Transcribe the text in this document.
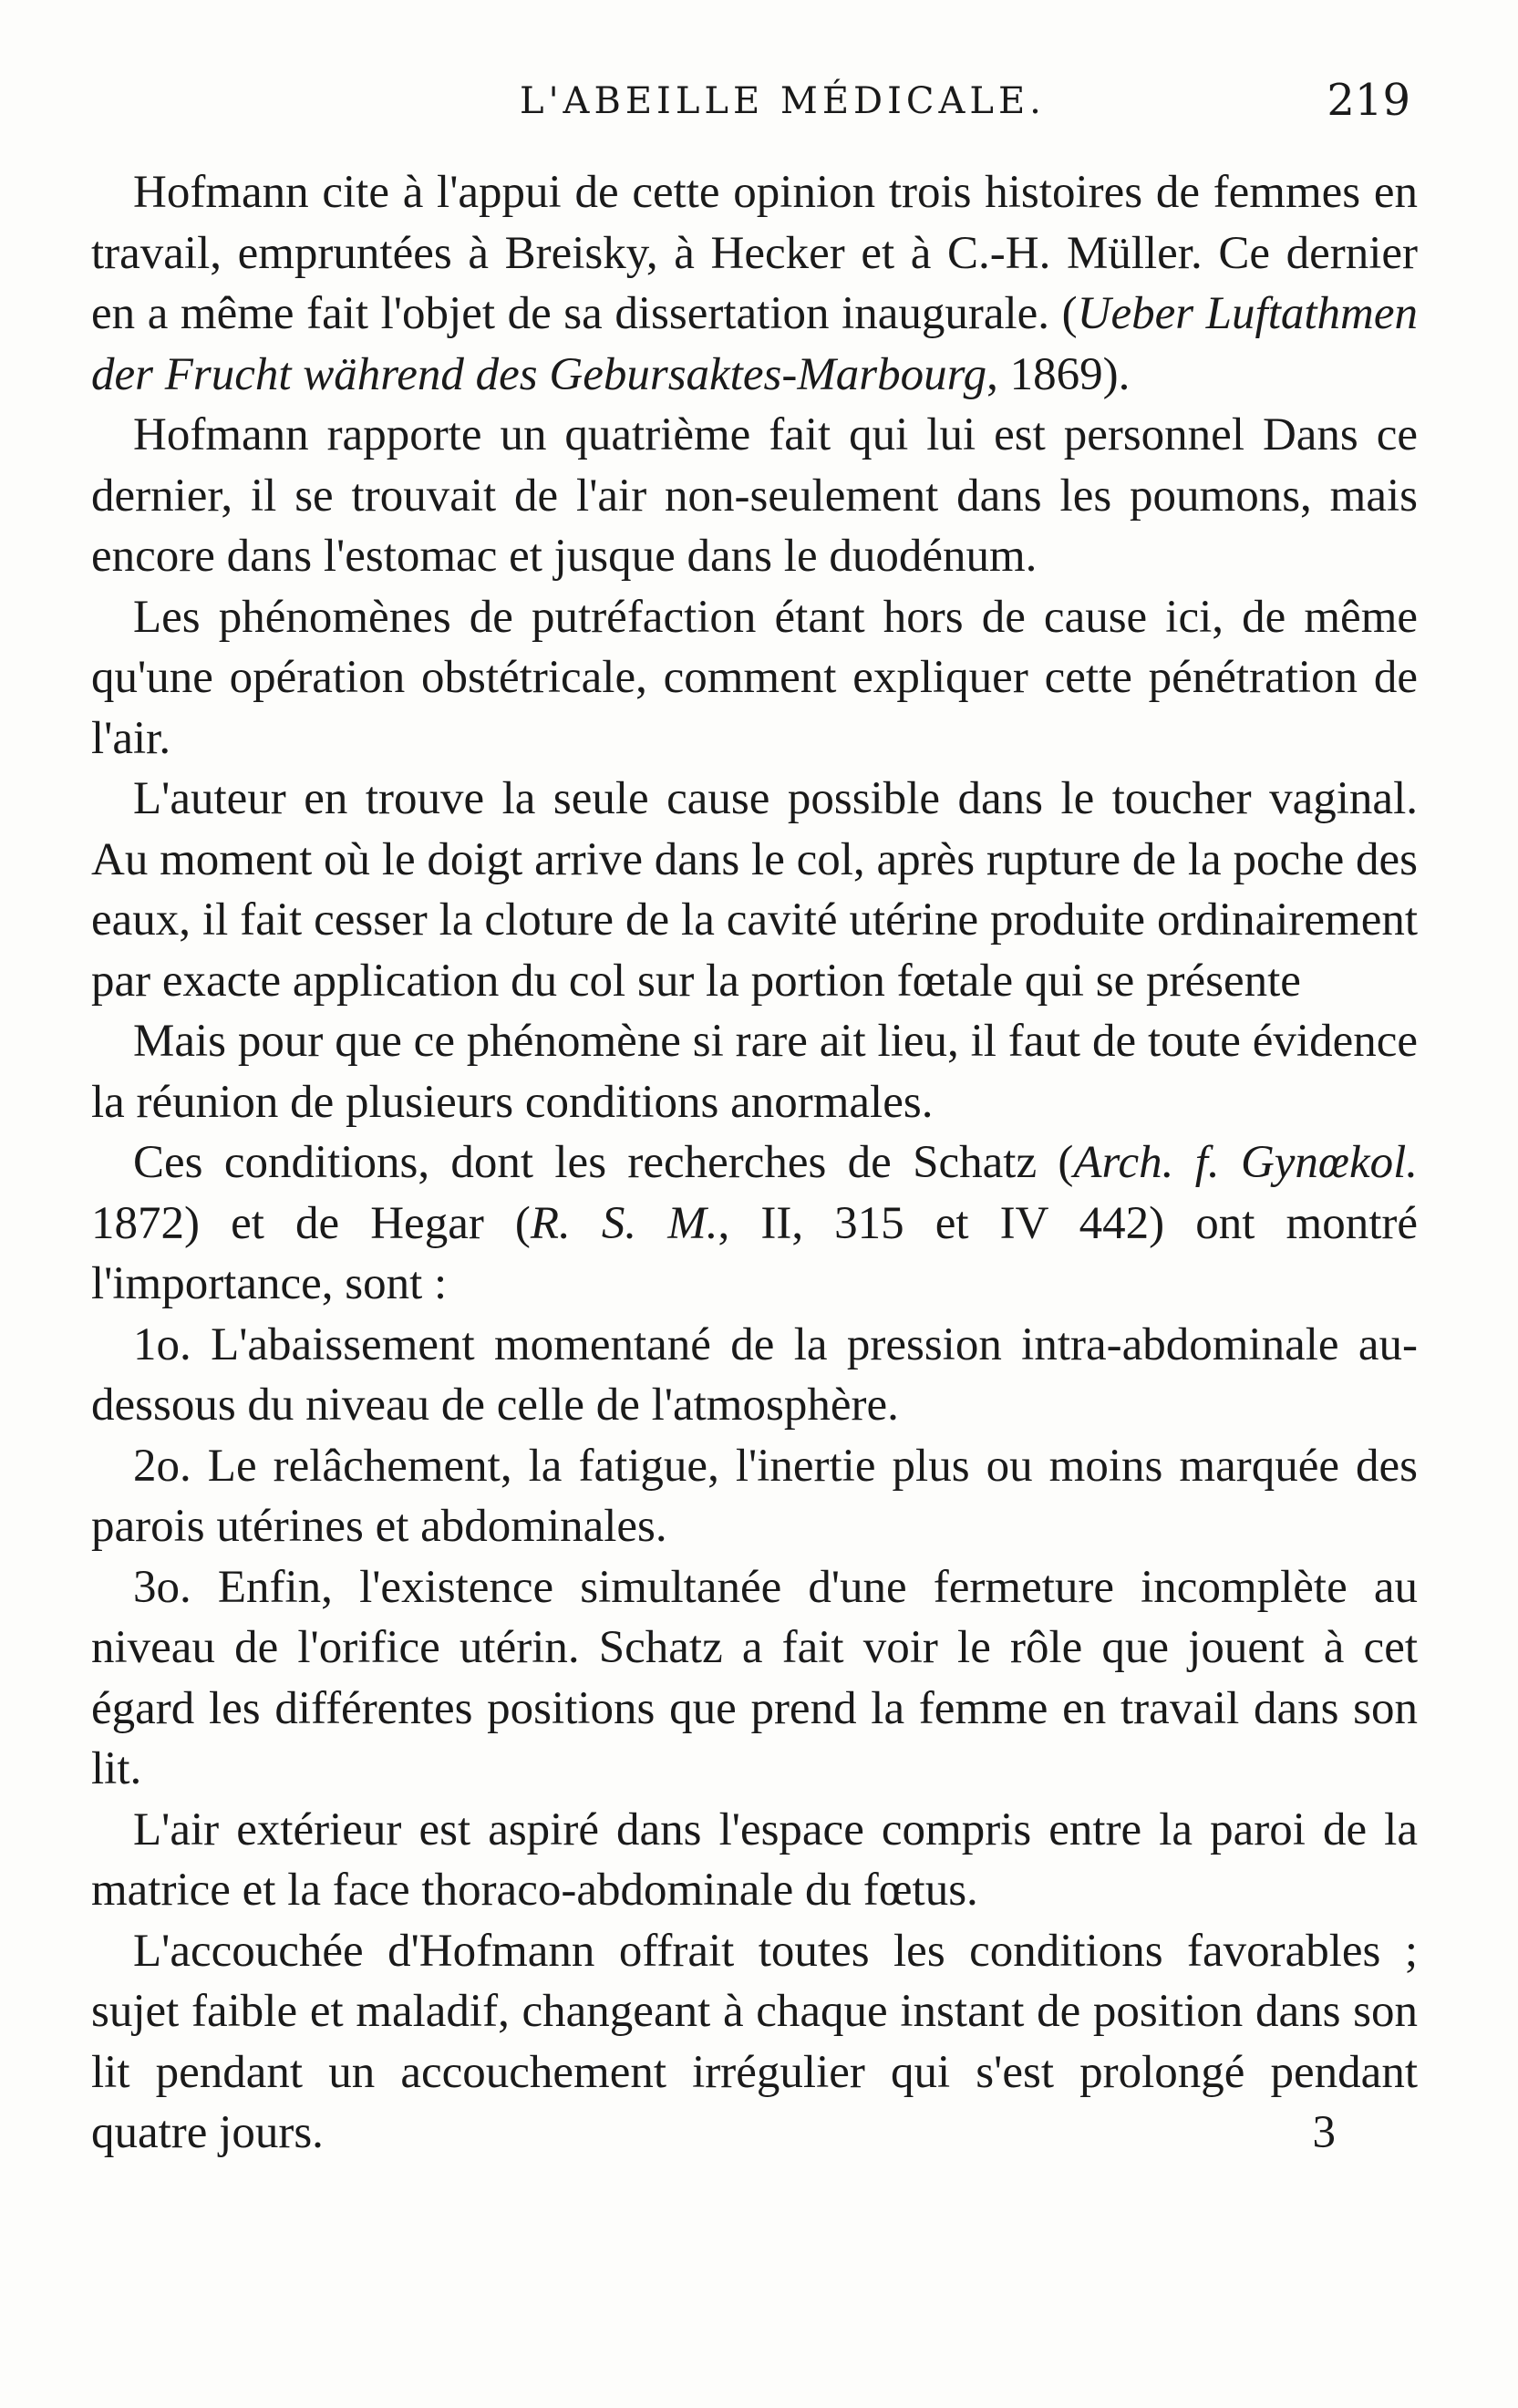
L'ABEILLE MÉDICALE.	219

Hofmann cite à l'appui de cette opinion trois histoires de femmes en travail, empruntées à Breisky, à Hecker et à C.-H. Müller. Ce dernier en a même fait l'objet de sa dissertation inaugurale. (Ueber Luftathmen der Frucht während des Gebursaktes-Marbourg, 1869).

Hofmann rapporte un quatrième fait qui lui est personnel Dans ce dernier, il se trouvait de l'air non-seulement dans les poumons, mais encore dans l'estomac et jusque dans le duodénum.

Les phénomènes de putréfaction étant hors de cause ici, de même qu'une opération obstétricale, comment expliquer cette pénétration de l'air.

L'auteur en trouve la seule cause possible dans le toucher vaginal. Au moment où le doigt arrive dans le col, après rupture de la poche des eaux, il fait cesser la cloture de la cavité utérine produite ordinairement par exacte application du col sur la portion fœtale qui se présente

Mais pour que ce phénomène si rare ait lieu, il faut de toute évidence la réunion de plusieurs conditions anormales.

Ces conditions, dont les recherches de Schatz (Arch. f. Gynœkol. 1872) et de Hegar (R. S. M., II, 315 et IV 442) ont montré l'importance, sont :

1o. L'abaissement momentané de la pression intra-abdominale au-dessous du niveau de celle de l'atmosphère.

2o. Le relâchement, la fatigue, l'inertie plus ou moins marquée des parois utérines et abdominales.

3o. Enfin, l'existence simultanée d'une fermeture incomplète au niveau de l'orifice utérin. Schatz a fait voir le rôle que jouent à cet égard les différentes positions que prend la femme en travail dans son lit.

L'air extérieur est aspiré dans l'espace compris entre la paroi de la matrice et la face thoraco-abdominale du fœtus.

L'accouchée d'Hofmann offrait toutes les conditions favorables ; sujet faible et maladif, changeant à chaque instant de position dans son lit pendant un accouchement irrégulier qui s'est prolongé pendant quatre jours.	3
